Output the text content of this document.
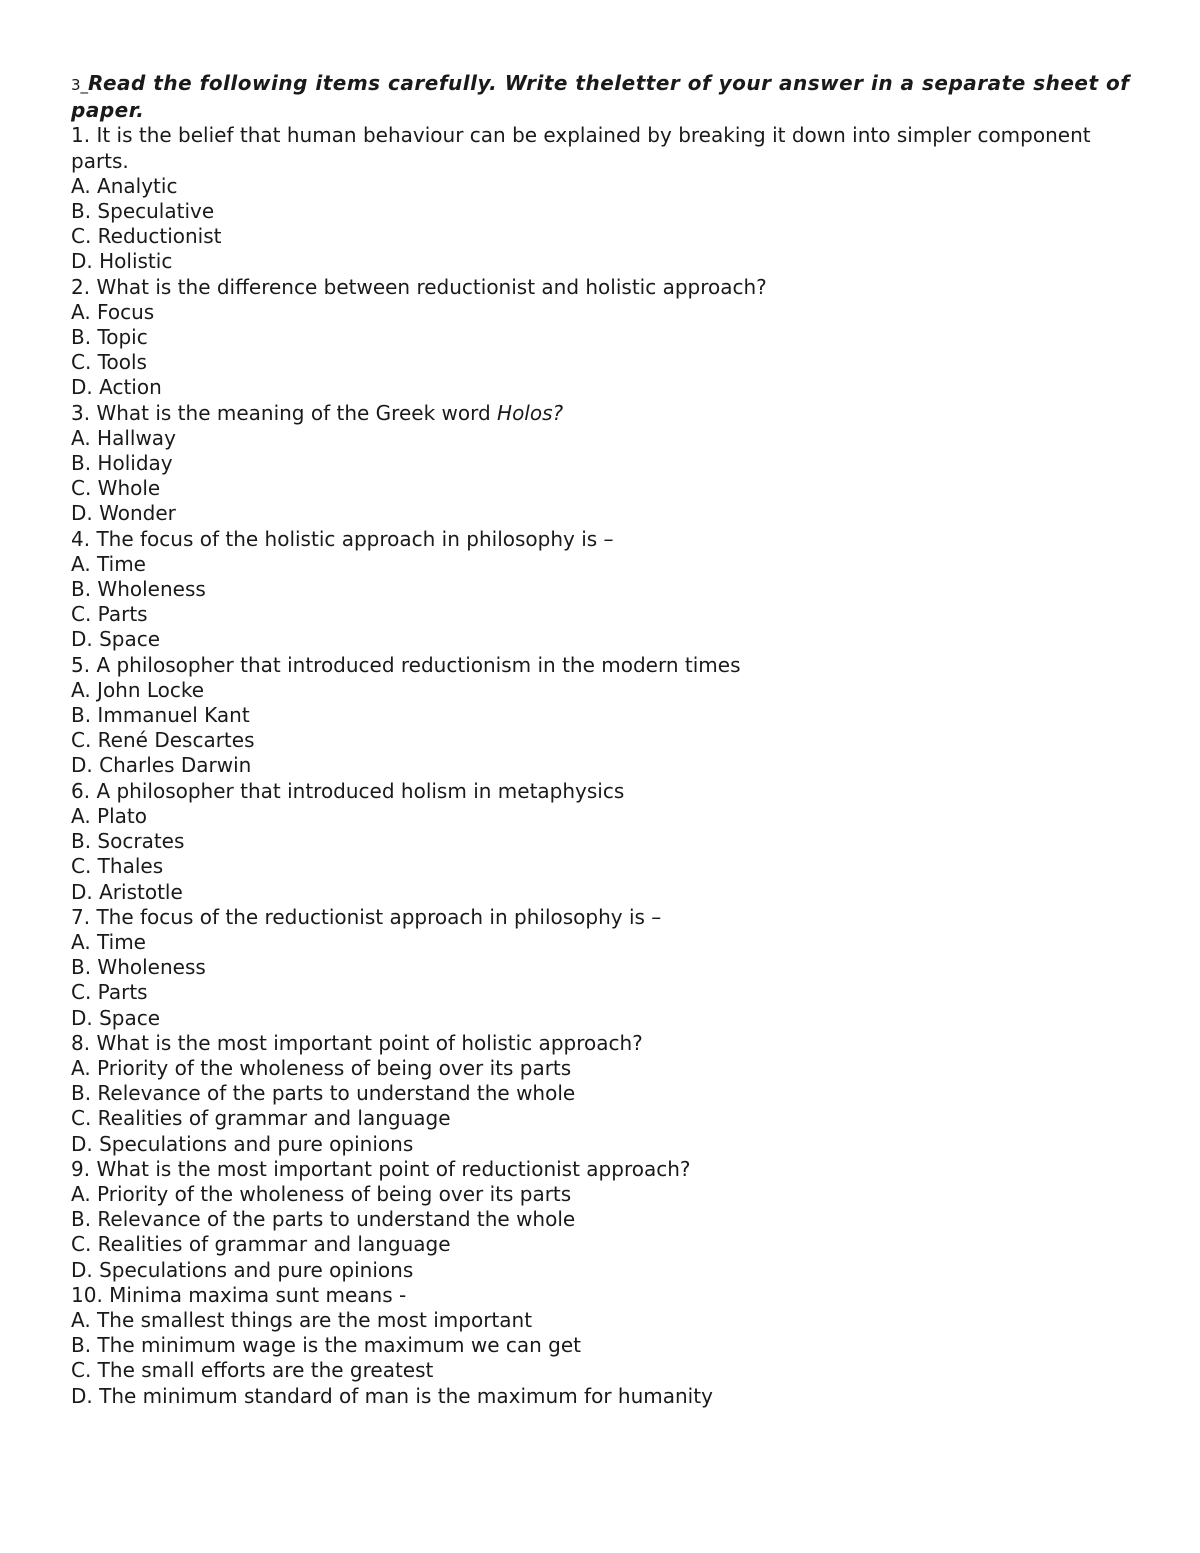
3_Read the following items carefully. Write theletter of your answer in a separate sheet of paper.

1. It is the belief that human behaviour can be explained by breaking it down into simpler component parts.

A. Analytic

B. Speculative

C. Reductionist

D. Holistic

2. What is the difference between reductionist and holistic approach?

A. Focus

B. Topic

C. Tools

D. Action

3. What is the meaning of the Greek word Holos?

A. Hallway

B. Holiday

C. Whole

D. Wonder

4. The focus of the holistic approach in philosophy is –

A. Time

B. Wholeness

C. Parts

D. Space

5. A philosopher that introduced reductionism in the modern times

A. John Locke

B. Immanuel Kant

C. René Descartes

D. Charles Darwin

6. A philosopher that introduced holism in metaphysics

A. Plato

B. Socrates

C. Thales

D. Aristotle

7. The focus of the reductionist approach in philosophy is –

A. Time

B. Wholeness

C. Parts

D. Space

8. What is the most important point of holistic approach?

A. Priority of the wholeness of being over its parts

B. Relevance of the parts to understand the whole

C. Realities of grammar and language

D. Speculations and pure opinions

9. What is the most important point of reductionist approach?

A. Priority of the wholeness of being over its parts

B. Relevance of the parts to understand the whole

C. Realities of grammar and language

D. Speculations and pure opinions

10. Minima maxima sunt means -

A. The smallest things are the most important

B. The minimum wage is the maximum we can get

C. The small efforts are the greatest

D. The minimum standard of man is the maximum for humanity
